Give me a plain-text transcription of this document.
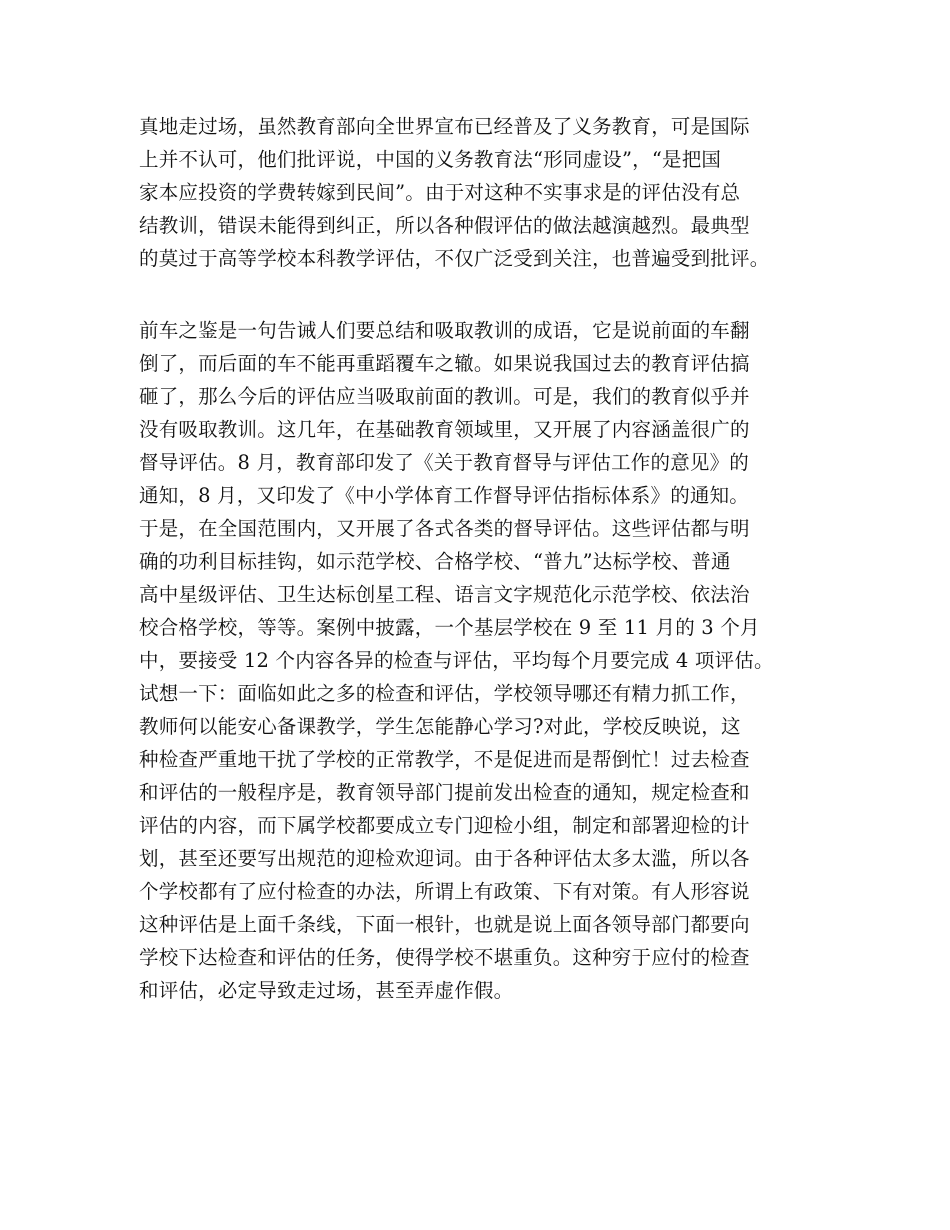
真地走过场，虽然教育部向全世界宣布已经普及了义务教育，可是国际

上并不认可，他们批评说，中国的义务教育法“形同虚设”，“是把国

家本应投资的学费转嫁到民间”。由于对这种不实事求是的评估没有总

结教训，错误未能得到纠正，所以各种假评估的做法越演越烈。最典型

的莫过于高等学校本科教学评估，不仅广泛受到关注，也普遍受到批评。

前车之鉴是一句告诫人们要总结和吸取教训的成语，它是说前面的车翻

倒了，而后面的车不能再重蹈覆车之辙。如果说我国过去的教育评估搞

砸了，那么今后的评估应当吸取前面的教训。可是，我们的教育似乎并

没有吸取教训。这几年，在基础教育领域里，又开展了内容涵盖很广的

督导评估。8 月，教育部印发了《关于教育督导与评估工作的意见》的

通知，8 月，又印发了《中小学体育工作督导评估指标体系》的通知。

于是，在全国范围内，又开展了各式各类的督导评估。这些评估都与明

确的功利目标挂钩，如示范学校、合格学校、“普九”达标学校、普通

高中星级评估、卫生达标创星工程、语言文字规范化示范学校、依法治

校合格学校，等等。案例中披露，一个基层学校在 9 至 11 月的 3 个月

中，要接受 12 个内容各异的检查与评估，平均每个月要完成 4 项评估。

试想一下：面临如此之多的检查和评估，学校领导哪还有精力抓工作，

教师何以能安心备课教学，学生怎能静心学习?对此，学校反映说，这

种检查严重地干扰了学校的正常教学，不是促进而是帮倒忙！过去检查

和评估的一般程序是，教育领导部门提前发出检查的通知，规定检查和

评估的内容，而下属学校都要成立专门迎检小组，制定和部署迎检的计

划，甚至还要写出规范的迎检欢迎词。由于各种评估太多太滥，所以各

个学校都有了应付检查的办法，所谓上有政策、下有对策。有人形容说

这种评估是上面千条线，下面一根针，也就是说上面各领导部门都要向

学校下达检查和评估的任务，使得学校不堪重负。这种穷于应付的检查

和评估，必定导致走过场，甚至弄虚作假。
